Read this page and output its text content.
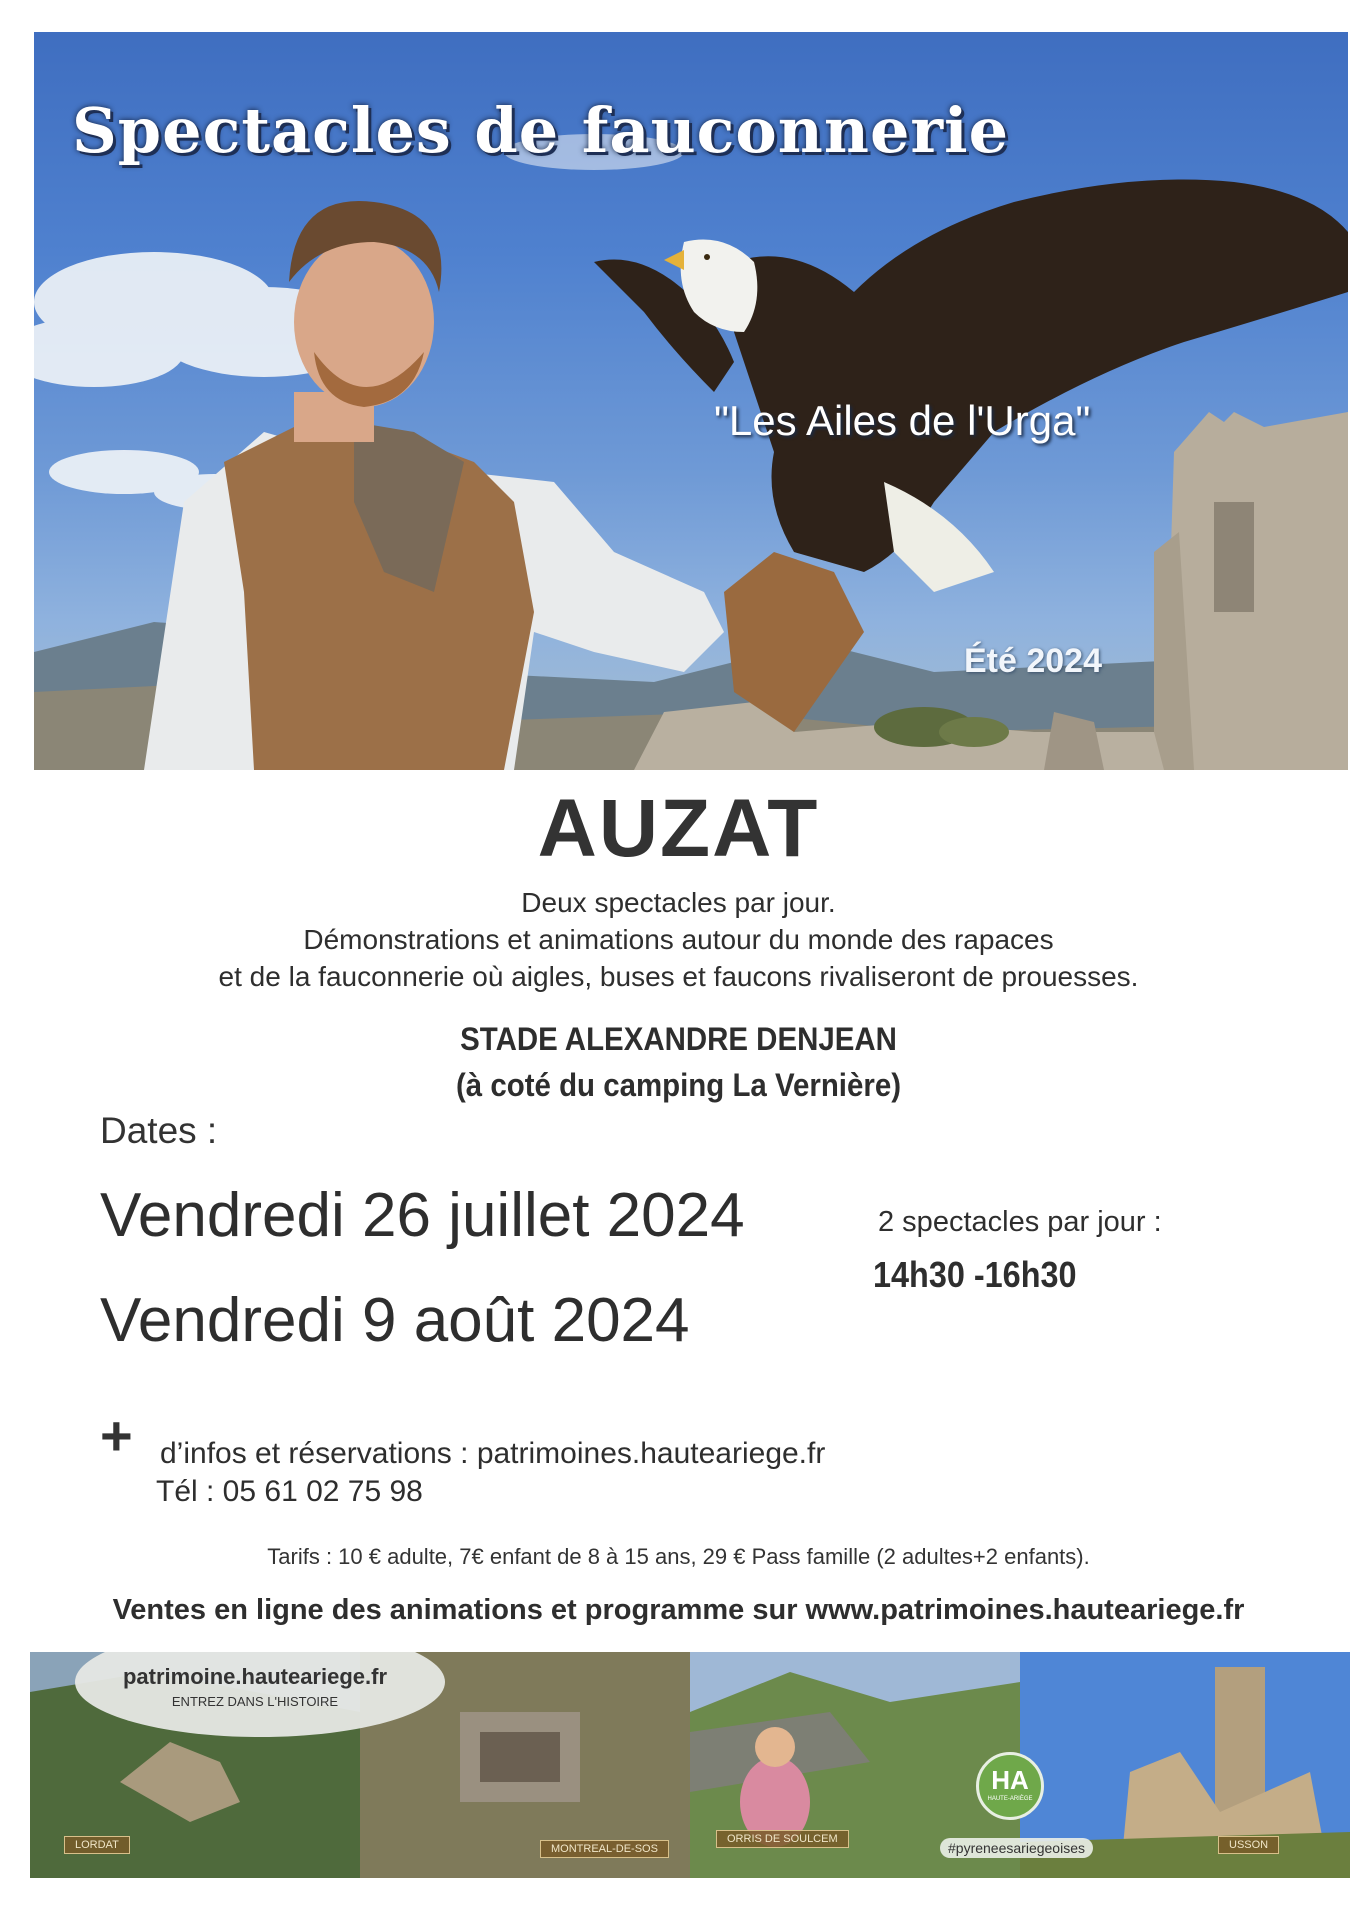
Spectacles de fauconnerie
"Les Ailes de l'Urga"
Été 2024
AUZAT
Deux spectacles par jour.
Démonstrations et animations autour du monde des rapaces
et de la fauconnerie où aigles, buses et faucons rivaliseront de prouesses.
STADE ALEXANDRE DENJEAN
(à coté du camping La Vernière)
Dates :
Vendredi 26 juillet 2024
Vendredi 9 août 2024
2 spectacles par jour :
14h30 -16h30
+ d’infos et réservations : patrimoines.hauteariege.fr
Tél : 05 61 02 75 98
Tarifs : 10 € adulte, 7€ enfant de 8 à 15 ans, 29 € Pass famille (2 adultes+2 enfants).
Ventes en ligne des animations et programme sur www.patrimoines.hauteariege.fr
patrimoine.hauteariege.fr
ENTREZ DANS L'HISTOIRE
LORDAT	MONTREAL-DE-SOS
ORRIS DE SOULCEM	USSON
HA
HAUTE-ARIÈGE
#pyreneesariegeoises
